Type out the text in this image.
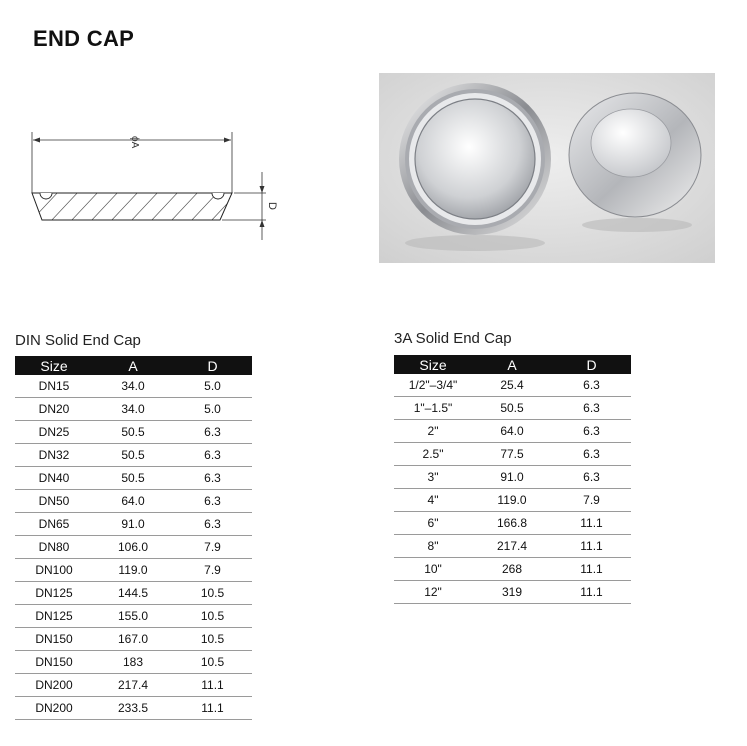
END CAP
ϕA
D
DIN Solid End Cap
Size	A	D
DN15	34.0	5.0
DN20	34.0	5.0
DN25	50.5	6.3
DN32	50.5	6.3
DN40	50.5	6.3
DN50	64.0	6.3
DN65	91.0	6.3
DN80	106.0	7.9
DN100	119.0	7.9
DN125	144.5	10.5
DN125	155.0	10.5
DN150	167.0	10.5
DN150	183	10.5
DN200	217.4	11.1
DN200	233.5	11.1
3A Solid End Cap
Size	A	D
1/2"–3/4"	25.4	6.3
1"–1.5"	50.5	6.3
2"	64.0	6.3
2.5"	77.5	6.3
3"	91.0	6.3
4"	119.0	7.9
6"	166.8	11.1
8"	217.4	11.1
10"	268	11.1
12"	319	11.1
